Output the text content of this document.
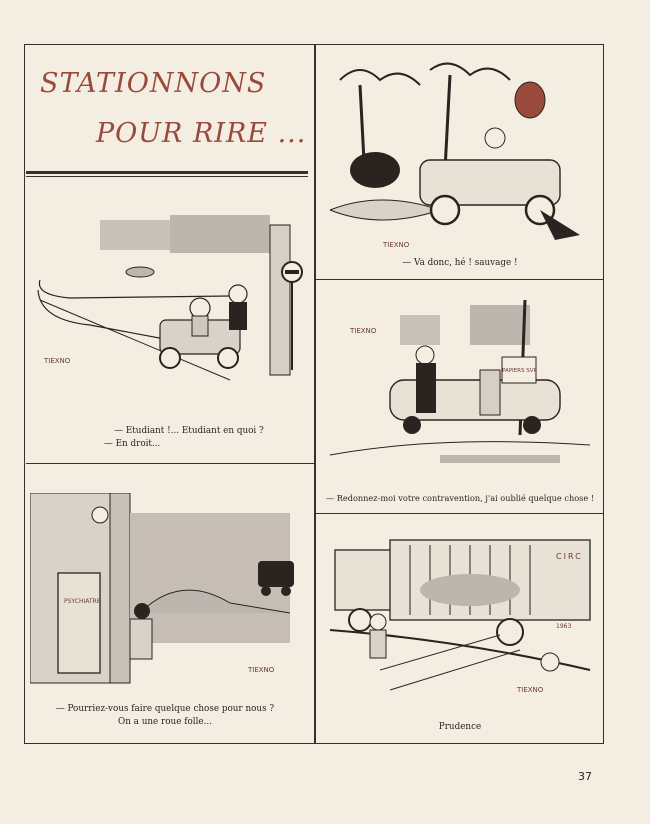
STATIONNONS
POUR RIRE ...
TIEXNO
— Etudiant !... Etudiant en quoi ?
— En droit...
TIEXNO
— Va donc, hé ! sauvage !
PAPIERS SVP
TIEXNO
— Redonnez-moi votre contravention, j'ai oublié quelque chose !
PSYCHIATRE
TIEXNO
— Pourriez-vous faire quelque chose pour nous ?
On a une roue folle...
CIRC
1963
TIEXNO
Prudence
37
